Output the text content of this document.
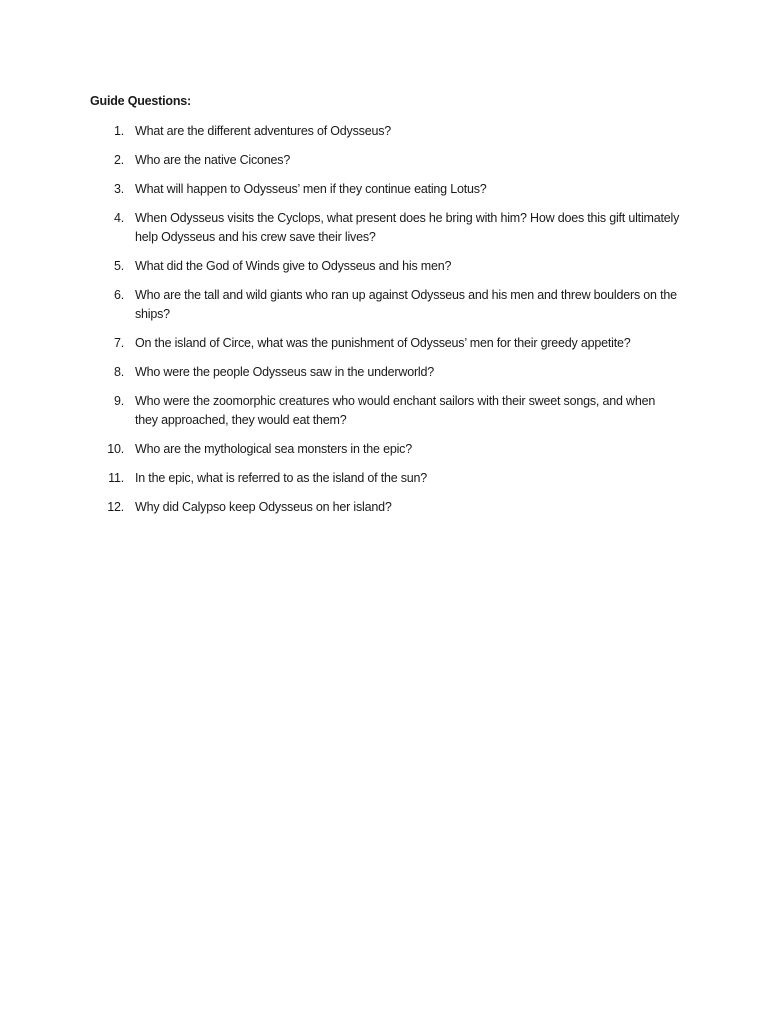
Guide Questions:

1. What are the different adventures of Odysseus?
2. Who are the native Cicones?
3. What will happen to Odysseus’ men if they continue eating Lotus?
4. When Odysseus visits the Cyclops, what present does he bring with him? How does this gift ultimately help Odysseus and his crew save their lives?
5. What did the God of Winds give to Odysseus and his men?
6. Who are the tall and wild giants who ran up against Odysseus and his men and threw boulders on the ships?
7. On the island of Circe, what was the punishment of Odysseus’ men for their greedy appetite?
8. Who were the people Odysseus saw in the underworld?
9. Who were the zoomorphic creatures who would enchant sailors with their sweet songs, and when they approached, they would eat them?
10. Who are the mythological sea monsters in the epic?
11. In the epic, what is referred to as the island of the sun?
12. Why did Calypso keep Odysseus on her island?
